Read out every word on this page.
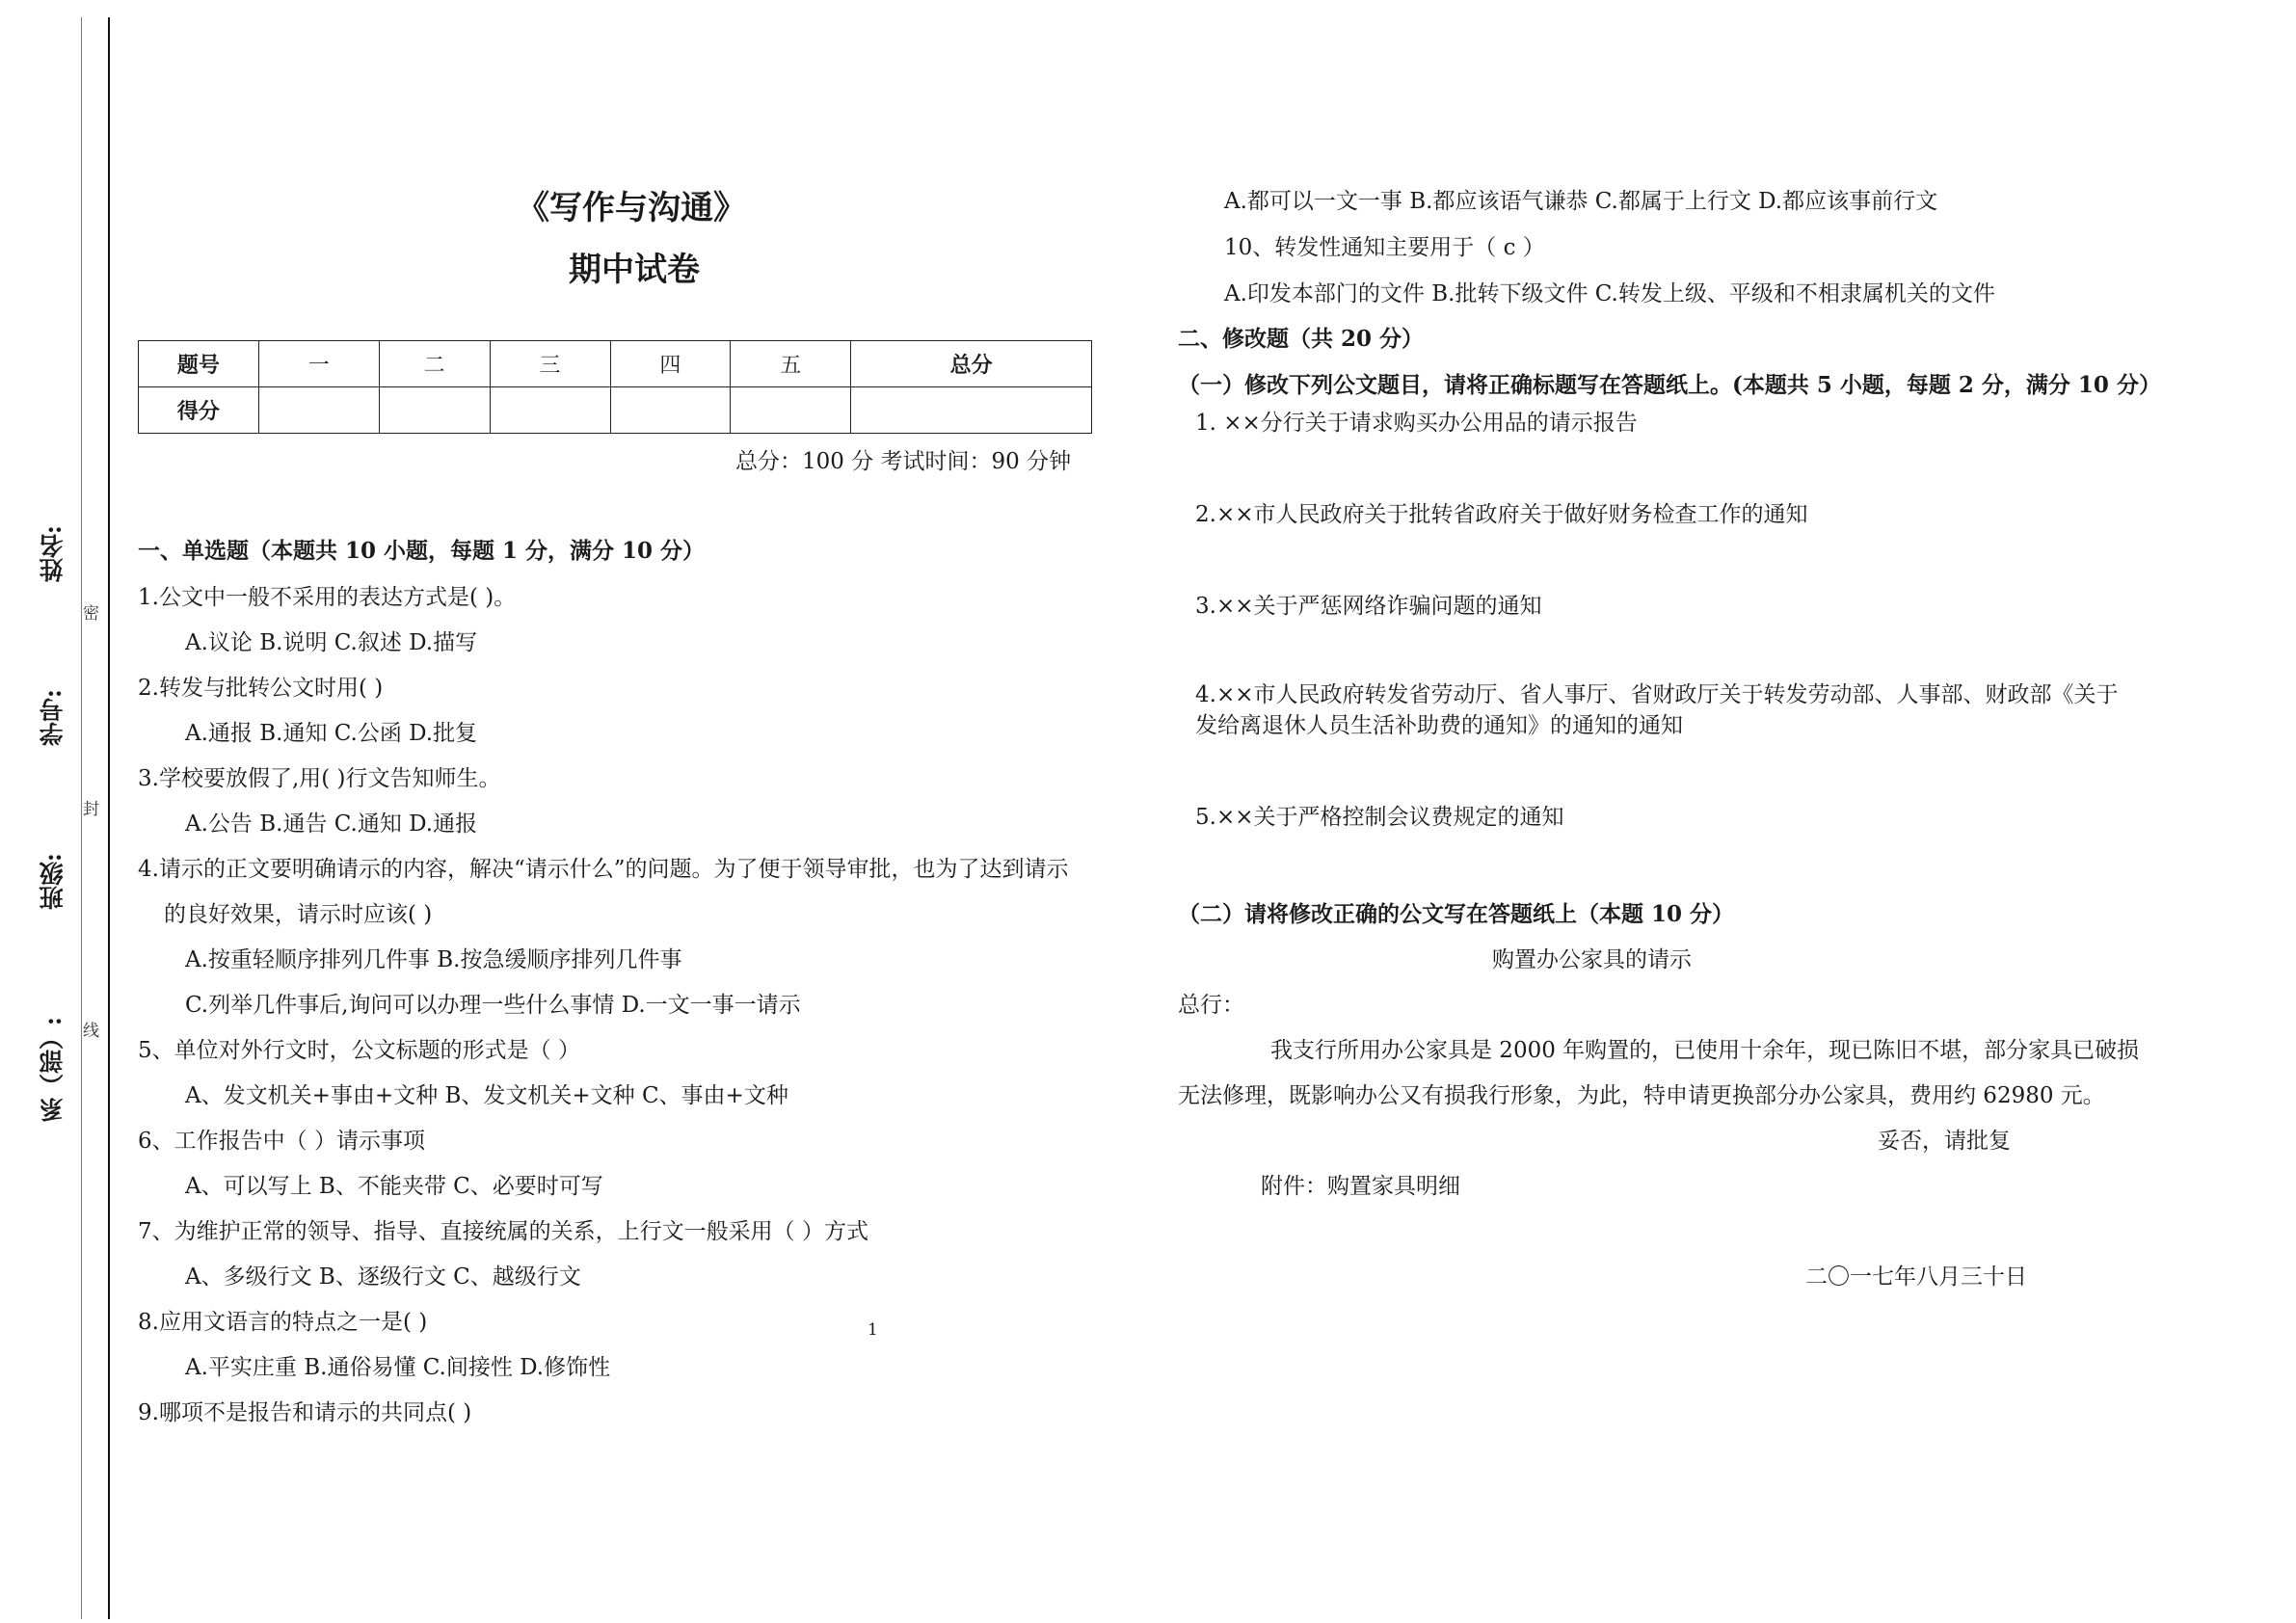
姓名:
学号:
班级:
系（部）:
密
封
线
《写作与沟通》
期中试卷
题号	一	二	三	四	五	总分
得分						
总分：100 分 考试时间：90 分钟
一、单选题（本题共 10 小题，每题 1 分，满分 10 分）
1.公文中一般不采用的表达方式是( )。
A.议论 B.说明 C.叙述 D.描写
2.转发与批转公文时用( )
A.通报 B.通知 C.公函 D.批复
3.学校要放假了,用( )行文告知师生。
A.公告 B.通告 C.通知 D.通报
4.请示的正文要明确请示的内容，解决“请示什么”的问题。为了便于领导审批，也为了达到请示
的良好效果，请示时应该( )
A.按重轻顺序排列几件事 B.按急缓顺序排列几件事
C.列举几件事后,询问可以办理一些什么事情 D.一文一事一请示
5、单位对外行文时，公文标题的形式是（ ）
A、发文机关+事由+文种 B、发文机关+文种 C、事由+文种
6、工作报告中（ ）请示事项
A、可以写上 B、不能夹带 C、必要时可写
7、为维护正常的领导、指导、直接统属的关系，上行文一般采用（ ）方式
A、多级行文 B、逐级行文 C、越级行文
8.应用文语言的特点之一是( )
A.平实庄重 B.通俗易懂 C.间接性 D.修饰性
9.哪项不是报告和请示的共同点( )
1
A.都可以一文一事 B.都应该语气谦恭 C.都属于上行文 D.都应该事前行文
10、转发性通知主要用于（ c ）
A.印发本部门的文件 B.批转下级文件 C.转发上级、平级和不相隶属机关的文件
二、修改题（共 20 分）
（一）修改下列公文题目，请将正确标题写在答题纸上。(本题共 5 小题，每题 2 分，满分 10 分）
1. ××分行关于请求购买办公用品的请示报告
2.××市人民政府关于批转省政府关于做好财务检查工作的通知
3.××关于严惩网络诈骗问题的通知
4.××市人民政府转发省劳动厅、省人事厅、省财政厅关于转发劳动部、人事部、财政部《关于
发给离退休人员生活补助费的通知》的通知的通知
5.××关于严格控制会议费规定的通知
（二）请将修改正确的公文写在答题纸上（本题 10 分）
购置办公家具的请示
总行：
我支行所用办公家具是 2000 年购置的，已使用十余年，现已陈旧不堪，部分家具已破损
无法修理，既影响办公又有损我行形象，为此，特申请更换部分办公家具，费用约 62980 元。
妥否，请批复
附件：购置家具明细
二〇一七年八月三十日
